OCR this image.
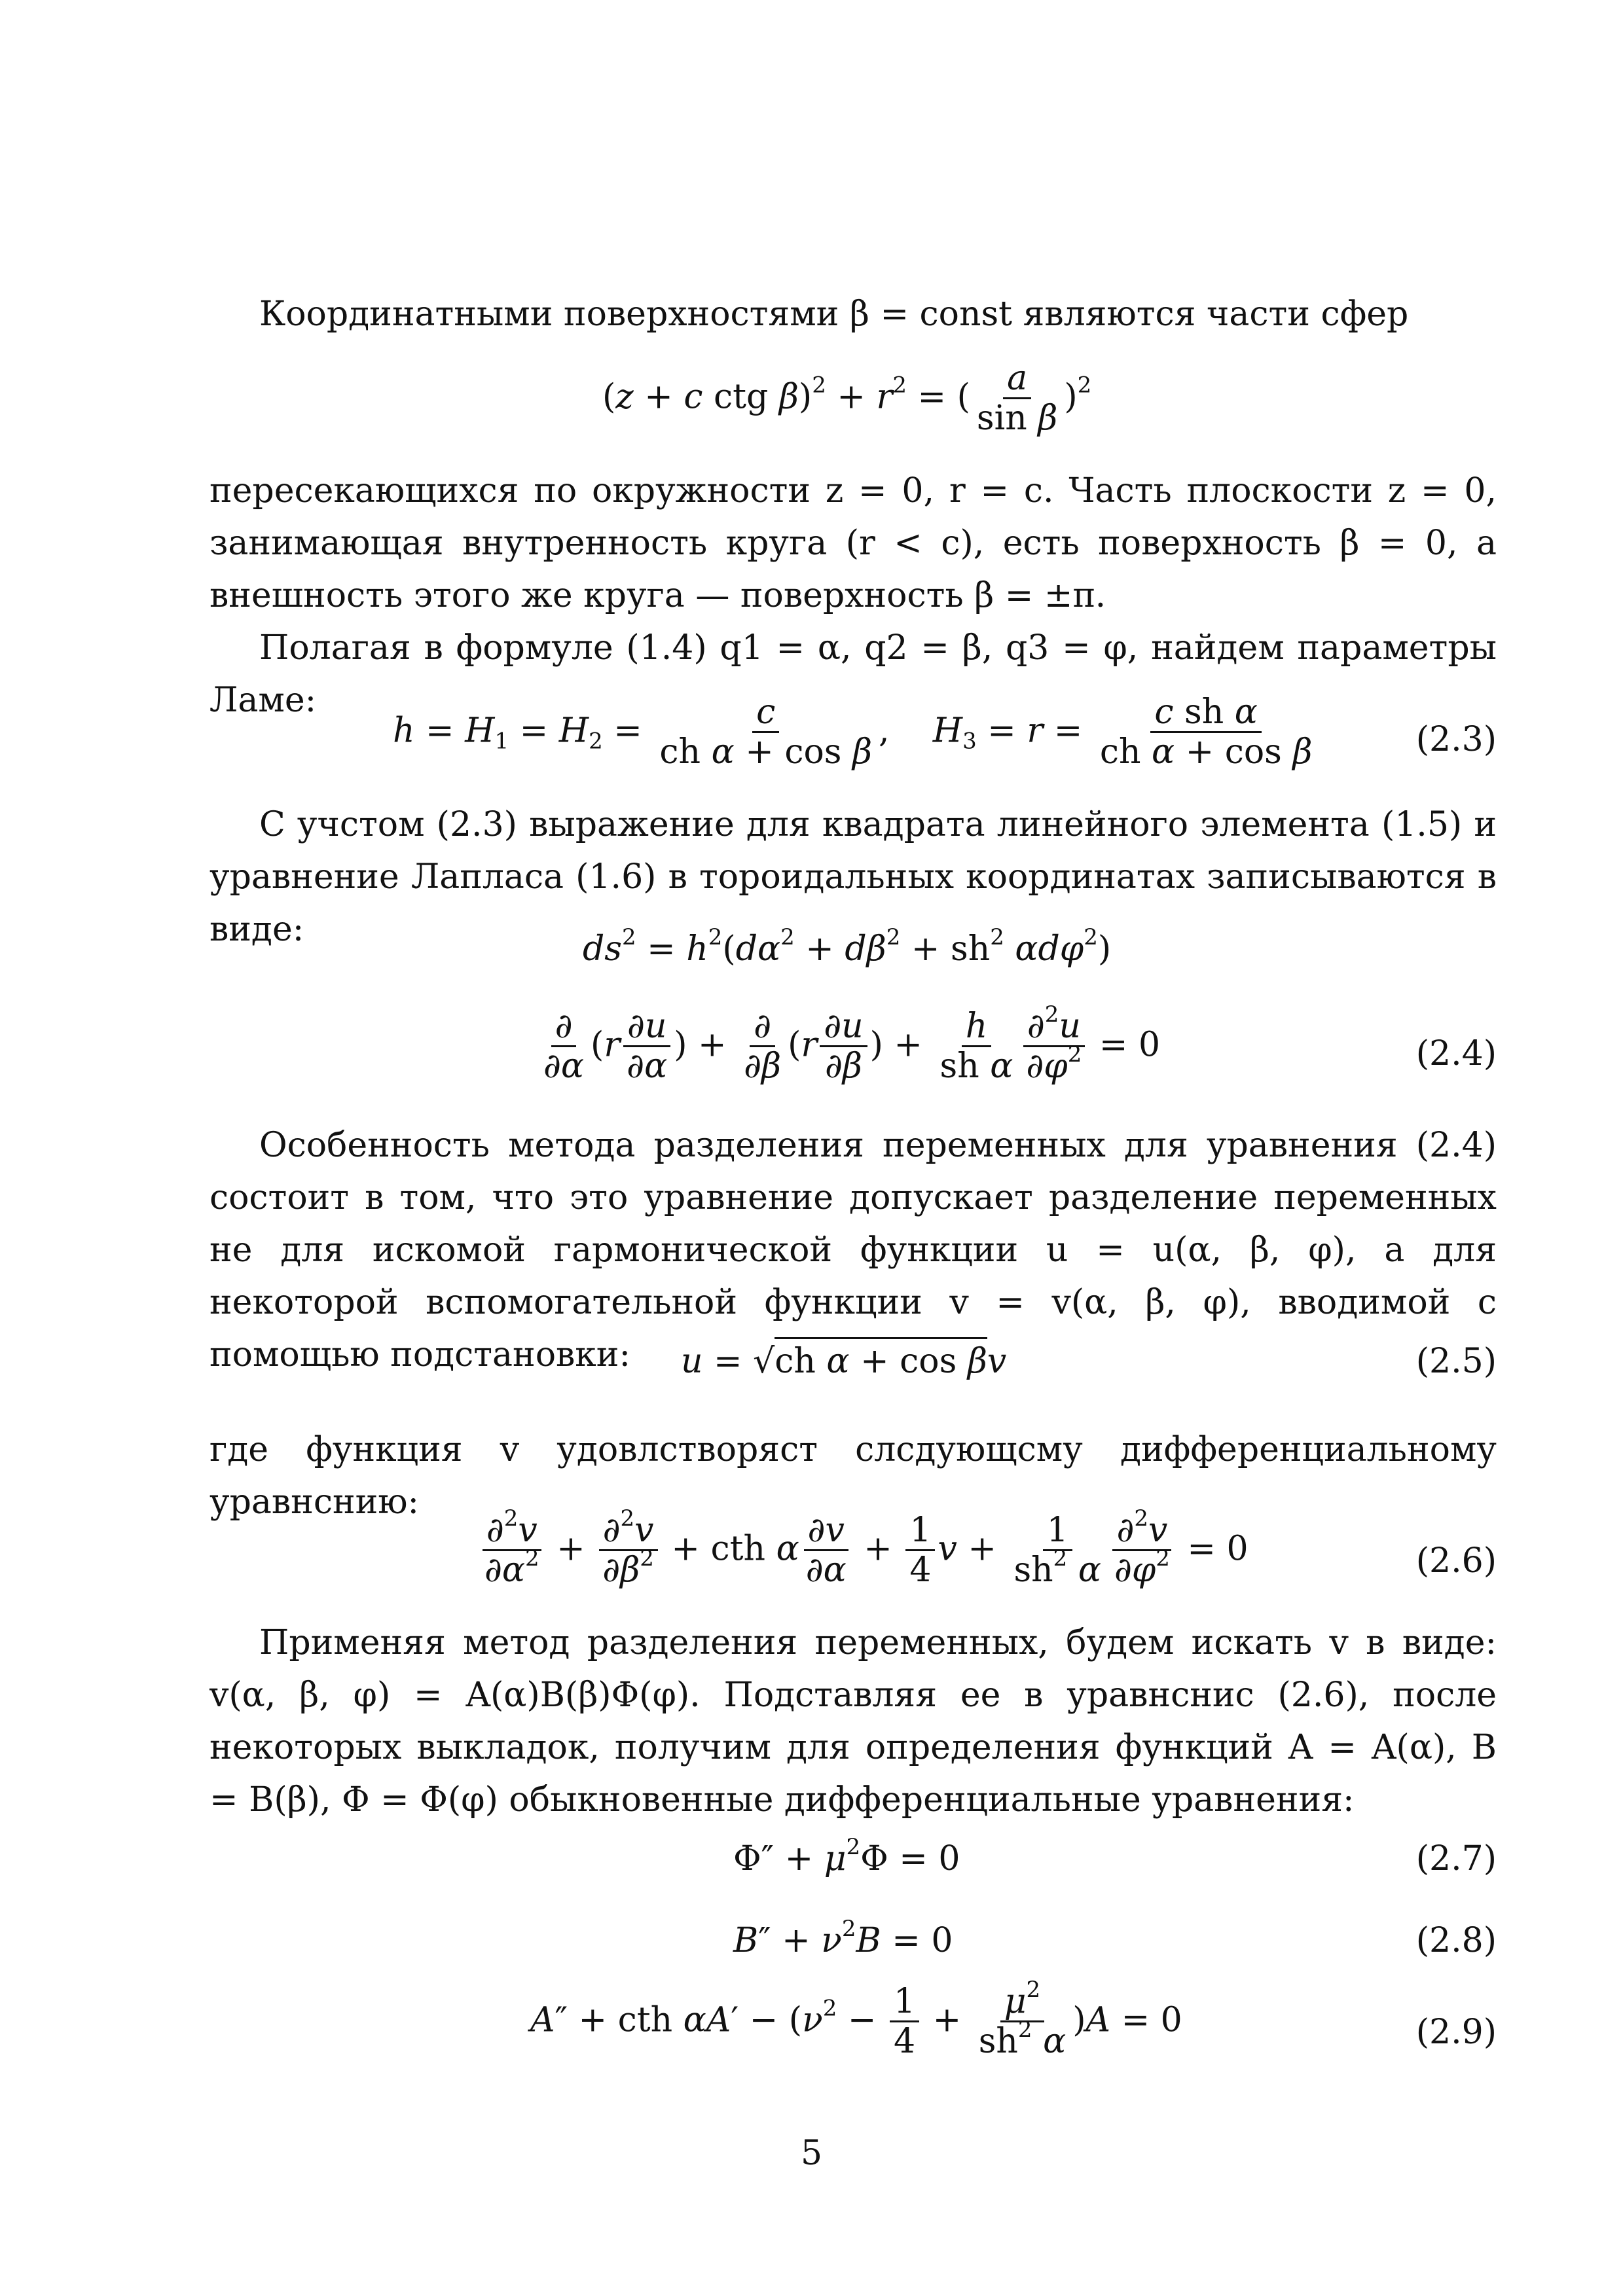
Координатными поверхностями β = const являются части сфер

(z + c ctg $\beta)^2 + r^2$ = ( $\frac{a}{\text{sin β}} )^2$

пересекающихся по окружности z = 0, r = c. Часть плоскости z = 0, занимающая внутренность круга (r < c), есть поверхность β = 0, а внешность этого же круга — поверхность β = ±π.

Полагая в формуле (1.4) q1 = α, q2 = β, q3 = φ, найдем параметры Ламе:

$h = H_1 = H_2 = \frac{c}{\text{ch α + cos β}}$ ,    $H_3 = r = \frac{\text{c sh α}}{\text{ch α + cos β}}$	(2.3)

С учстом (2.3) выражение для квадрата линейного элемента (1.5) и уравнение Лапласа (1.6) в тороидальных координатах записываются в виде:	$ds^2 = h^2(d\alpha^2 + d\beta^2 + sh^2$ αdφ$^2$)
$\frac{\partial}{\partial\alpha} (r \frac{\partial u}{\partial\alpha}$ ) + $\frac{\partial}{\partial\beta} (r \frac{\partial u}{\partial\beta}$ ) + $\frac{h}{\text{sh α}} \frac{\partial^2u}{\partial\varphi^2} = 0$	(2.4)

Особенность метода разделения переменных для уравнения (2.4) состоит в том, что это уравнение допускает разделение переменных не для искомой гармонической функции u = u(α, β, φ), а для некоторой вспомогательной функции v = v(α, β, φ), вводимой с помощью подстановки:	u = √ch α + cos βv	(2.5)

где функция v удовлстворяст слсдующсму дифференциальному уравнснию:

$\frac{\partial^2v}{\partial\alpha^2} + \frac{\partial^2v}{\partial\beta^2}$ + cth α $\frac{\partial v}{\partial\alpha} + \frac{1}{4}$ $v + \frac{1}{sh^2 \alpha} \frac{\partial^2v}{\partial\varphi^2} = 0$	(2.6)

Применяя метод разделения переменных, будем искать v в виде: v(α, β, φ) = A(α)B(β)Φ(φ). Подставляя ее в уравнснис (2.6), после некоторых выкладок, получим для определения функций A = A(α), B = B(β), Φ = Φ(φ) обыкновенные дифференциальные уравнения:

$\Phi'' + \mu^2\Phi = 0$	(2.7)
$B'' + \nu^2B = 0$	(2.8)
A″ + cth $\alpha A' - (\nu^2 - \frac{1}{4} + \frac{\mu^2}{sh^2 \alpha} )A = 0$	(2.9)
5
